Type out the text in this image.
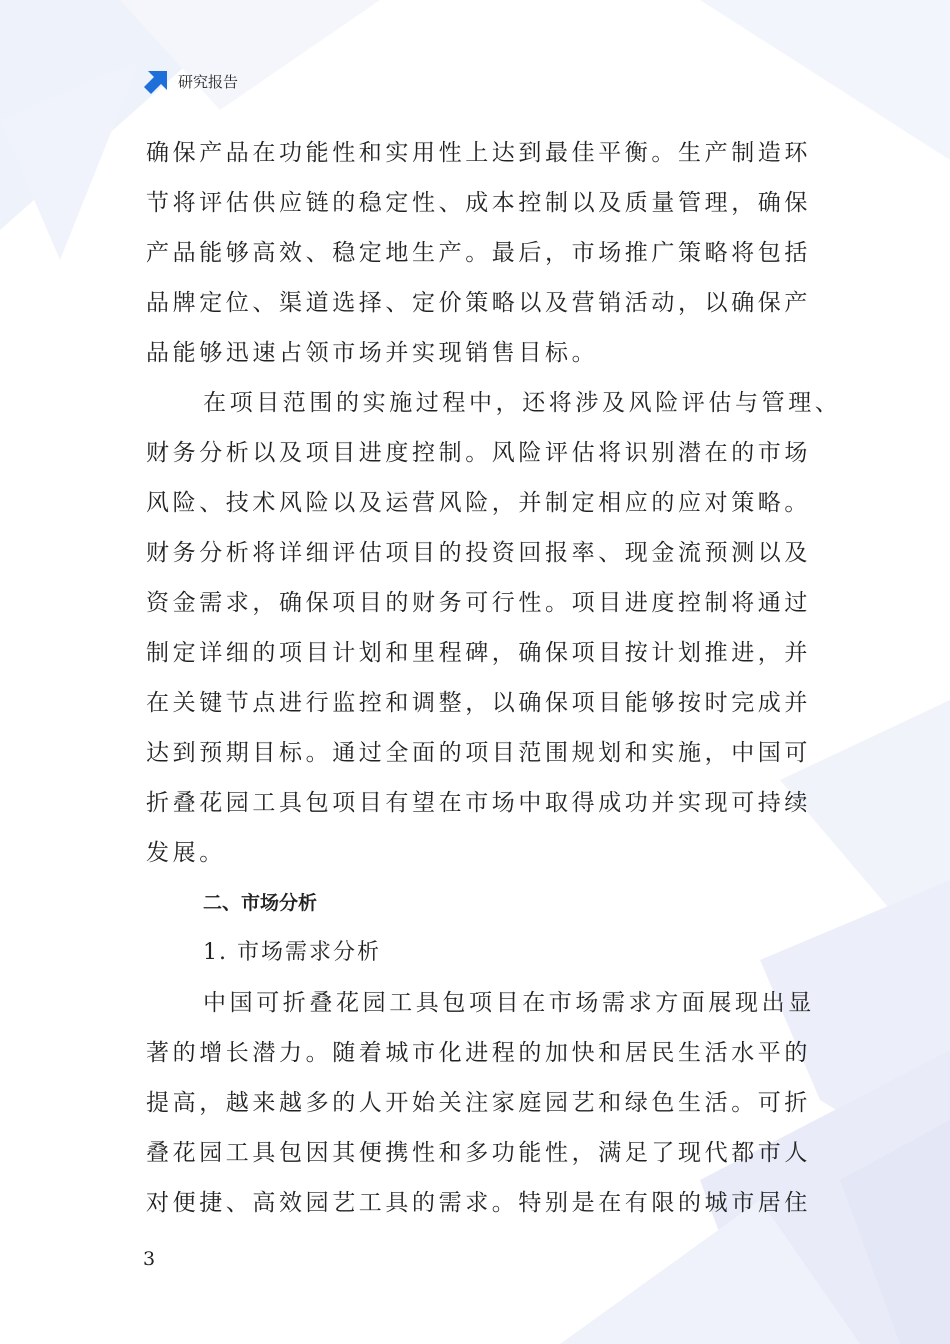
研究报告
确保产品在功能性和实用性上达到最佳平衡。生产制造环
节将评估供应链的稳定性、成本控制以及质量管理，确保
产品能够高效、稳定地生产。最后，市场推广策略将包括
品牌定位、渠道选择、定价策略以及营销活动，以确保产
品能够迅速占领市场并实现销售目标。
在项目范围的实施过程中，还将涉及风险评估与管理、
财务分析以及项目进度控制。风险评估将识别潜在的市场
风险、技术风险以及运营风险，并制定相应的应对策略。
财务分析将详细评估项目的投资回报率、现金流预测以及
资金需求，确保项目的财务可行性。项目进度控制将通过
制定详细的项目计划和里程碑，确保项目按计划推进，并
在关键节点进行监控和调整，以确保项目能够按时完成并
达到预期目标。通过全面的项目范围规划和实施，中国可
折叠花园工具包项目有望在市场中取得成功并实现可持续
发展。
二、市场分析
1. 市场需求分析
中国可折叠花园工具包项目在市场需求方面展现出显
著的增长潜力。随着城市化进程的加快和居民生活水平的
提高，越来越多的人开始关注家庭园艺和绿色生活。可折
叠花园工具包因其便携性和多功能性，满足了现代都市人
对便捷、高效园艺工具的需求。特别是在有限的城市居住
3
